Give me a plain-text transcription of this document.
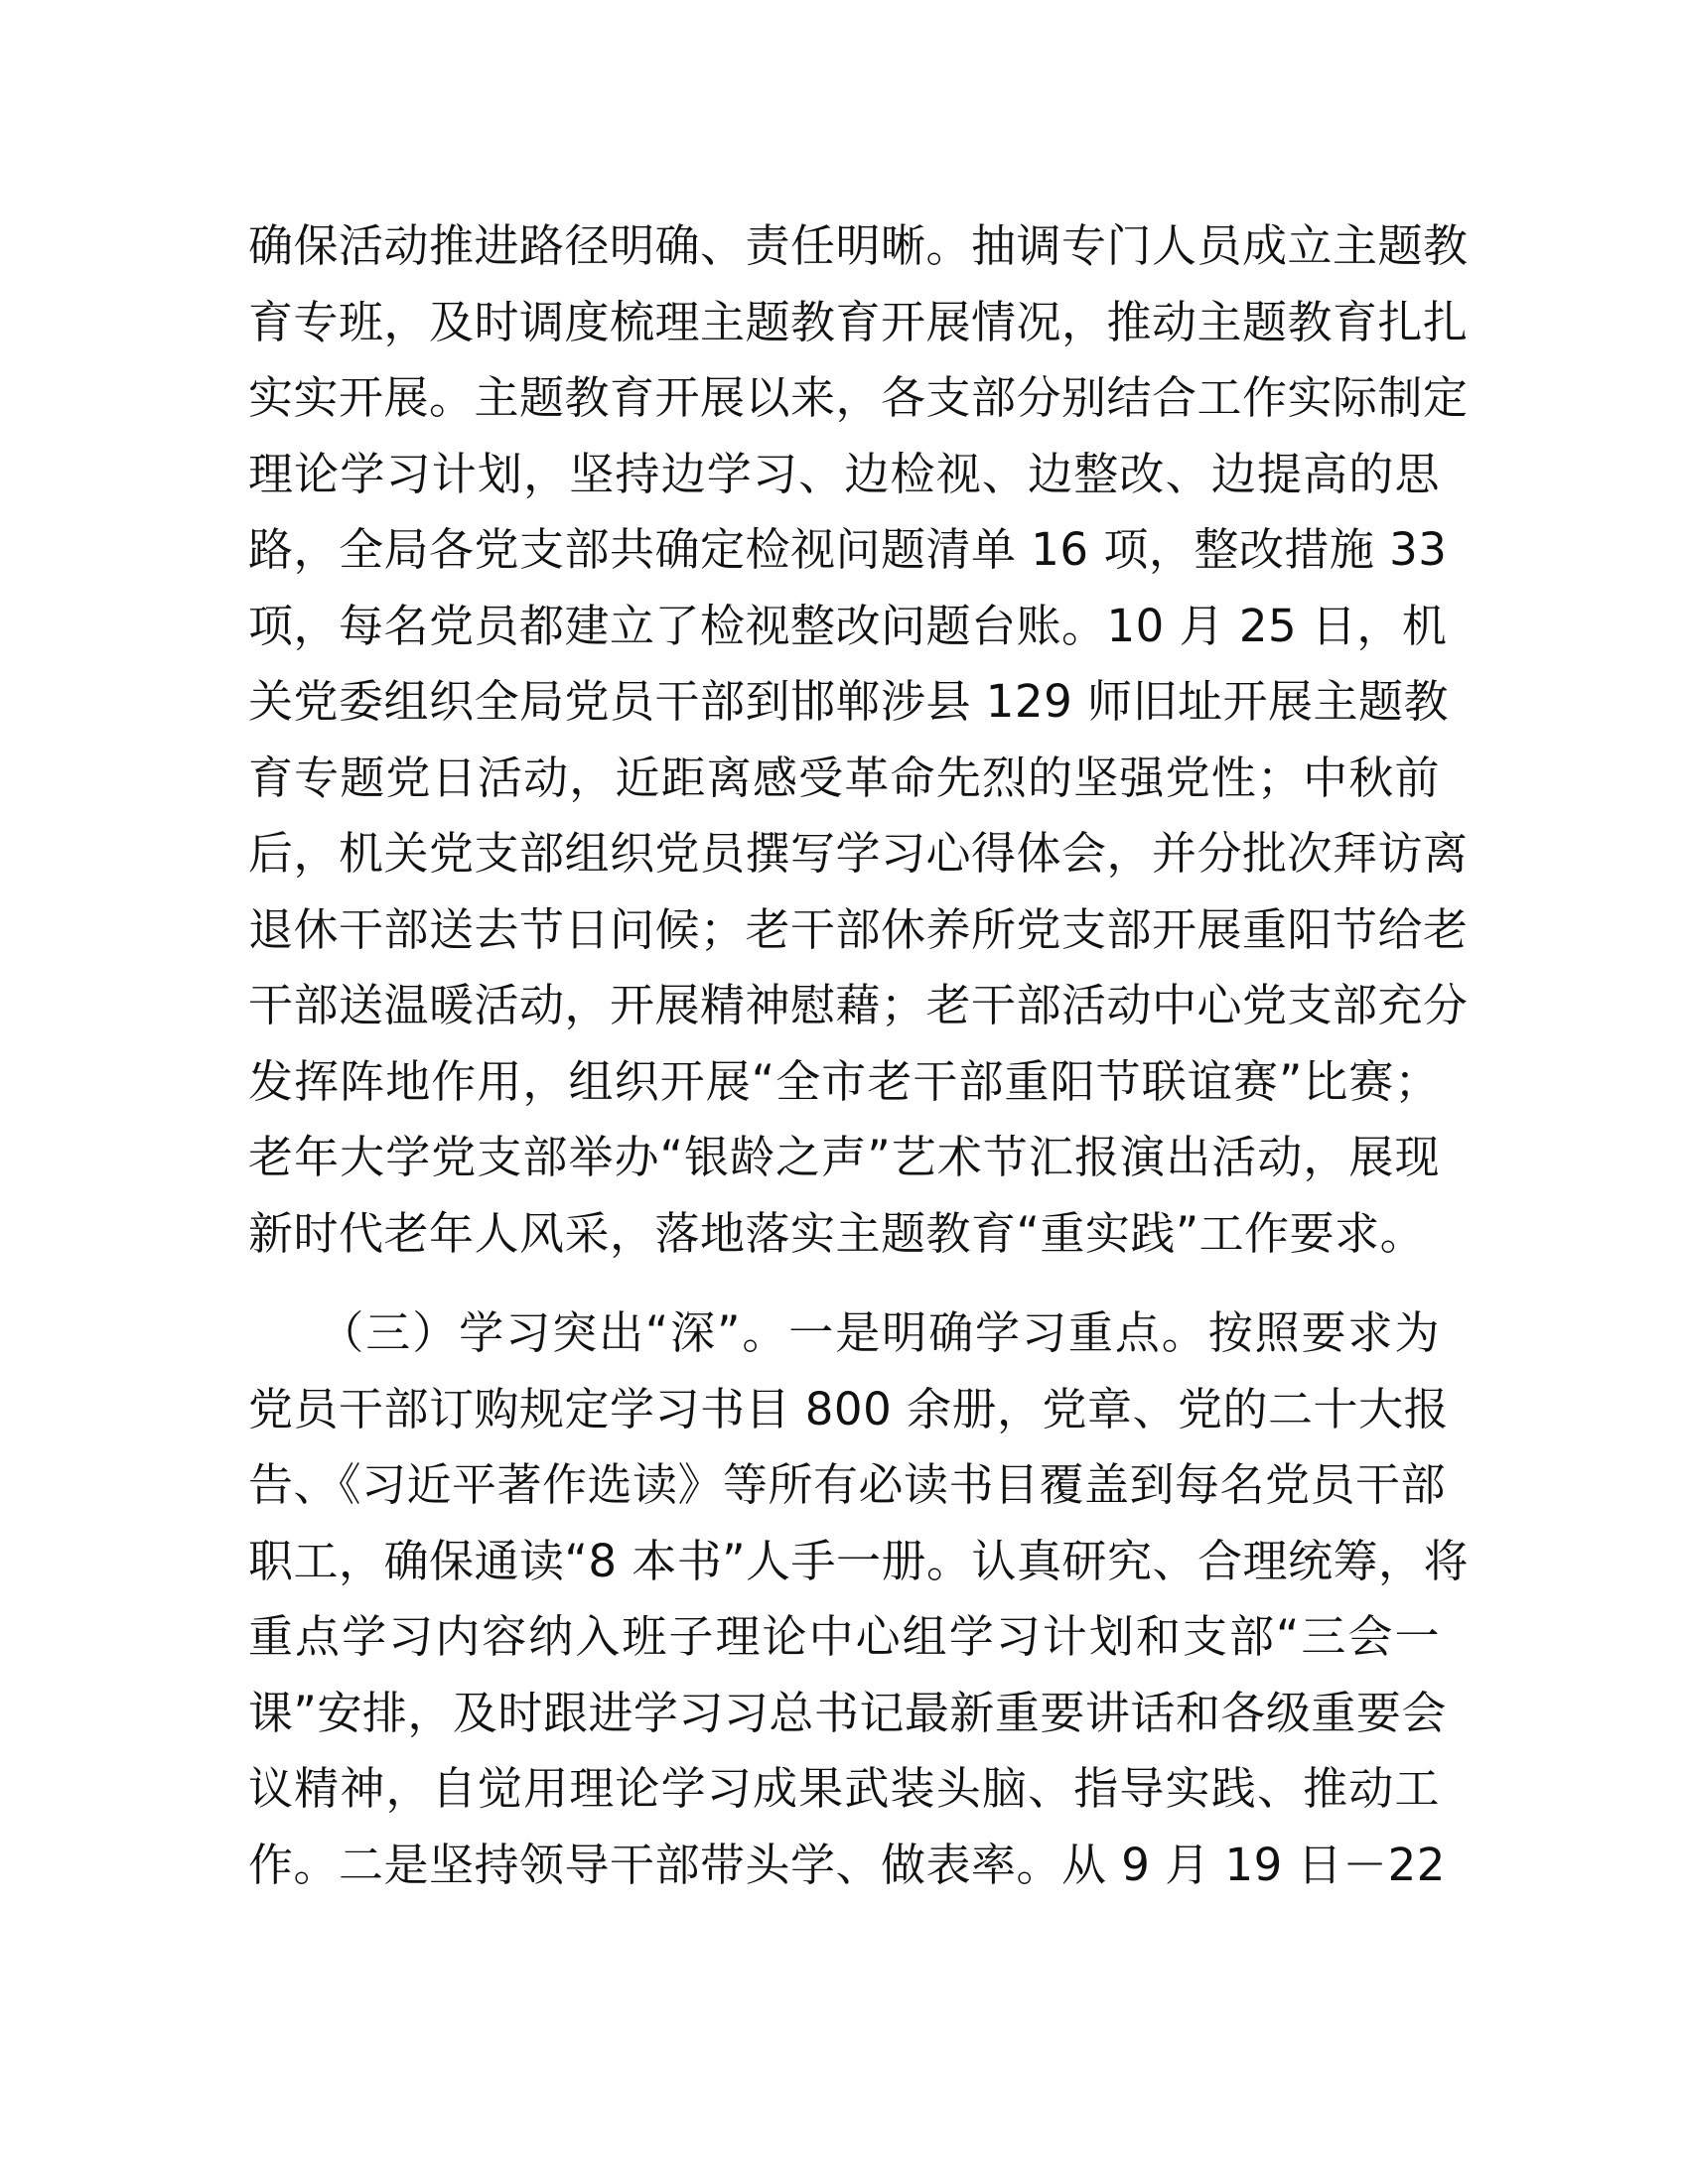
确保活动推进路径明确、责任明晰。抽调专门人员成立主题教
育专班，及时调度梳理主题教育开展情况，推动主题教育扎扎
实实开展。主题教育开展以来，各支部分别结合工作实际制定
理论学习计划，坚持边学习、边检视、边整改、边提高的思
路，全局各党支部共确定检视问题清单 16 项，整改措施 33
项，每名党员都建立了检视整改问题台账。10 月 25 日，机
关党委组织全局党员干部到邯郸涉县 129 师旧址开展主题教
育专题党日活动，近距离感受革命先烈的坚强党性；中秋前
后，机关党支部组织党员撰写学习心得体会，并分批次拜访离
退休干部送去节日问候；老干部休养所党支部开展重阳节给老
干部送温暖活动，开展精神慰藉；老干部活动中心党支部充分
发挥阵地作用，组织开展“全市老干部重阳节联谊赛”比赛；
老年大学党支部举办“银龄之声”艺术节汇报演出活动，展现
新时代老年人风采，落地落实主题教育“重实践”工作要求。
　　（三）学习突出“深”。一是明确学习重点。按照要求为
党员干部订购规定学习书目 800 余册，党章、党的二十大报
告、《习近平著作选读》等所有必读书目覆盖到每名党员干部
职工，确保通读“8 本书”人手一册。认真研究、合理统筹，将
重点学习内容纳入班子理论中心组学习计划和支部“三会一
课”安排，及时跟进学习习总书记最新重要讲话和各级重要会
议精神，自觉用理论学习成果武装头脑、指导实践、推动工
作。二是坚持领导干部带头学、做表率。从 9 月 19 日－22
